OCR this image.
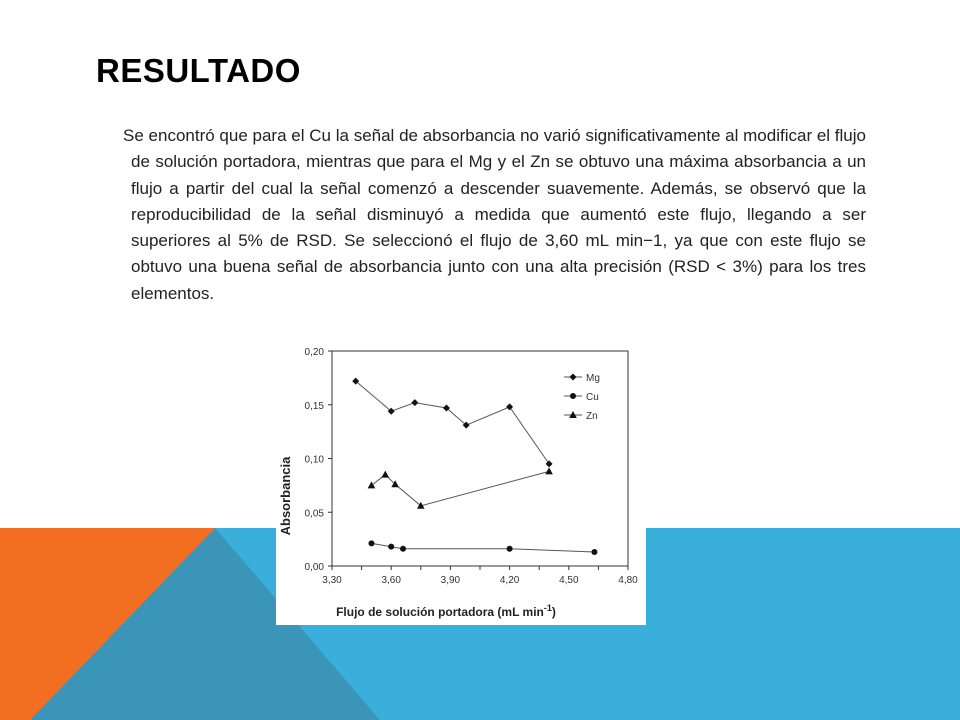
RESULTADO

Se encontró que para el Cu la señal de absorbancia no varió significativamente al modificar el flujo de solución portadora, mientras que para el Mg y el Zn se obtuvo una máxima absorbancia a un flujo a partir del cual la señal comenzó a descender suavemente. Además, se observó que la reproducibilidad de la señal disminuyó a medida que aumentó este flujo, llegando a ser superiores al 5% de RSD. Se seleccionó el flujo de 3,60 mL min−1, ya que con este flujo se obtuvo una buena señal de absorbancia junto con una alta precisión (RSD < 3%) para los tres elementos.

0,00
0,05
0,10
0,15
0,20
3,30	3,60	3,90	4,20	4,50	4,80
Mg
Cu
Zn
Absorbancia
Flujo de solución portadora (mL $\min^{-1}$)
